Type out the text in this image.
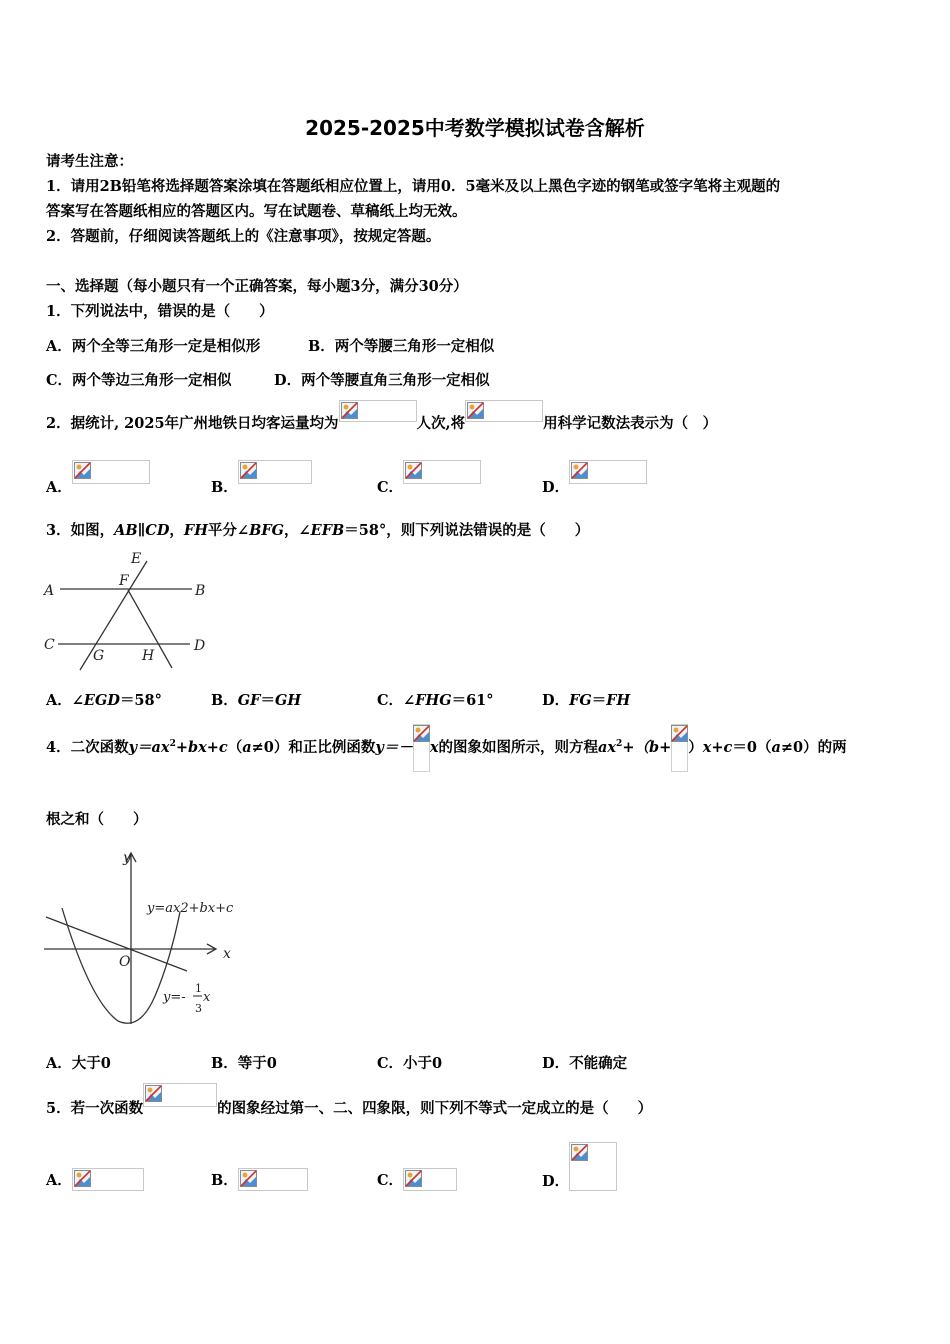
2025-2025中考数学模拟试卷含解析
请考生注意：
1．请用2B铅笔将选择题答案涂填在答题纸相应位置上，请用0．5毫米及以上黑色字迹的钢笔或签字笔将主观题的
答案写在答题纸相应的答题区内。写在试题卷、草稿纸上均无效。
2．答题前，仔细阅读答题纸上的《注意事项》，按规定答题。
一、选择题（每小题只有一个正确答案，每小题3分，满分30分）
1．下列说法中，错误的是（　　）
A．两个全等三角形一定是相似形	B．两个等腰三角形一定相似
C．两个等边三角形一定相似	D．两个等腰直角三角形一定相似
2．据统计, 2025年广州地铁日均客运量均为	人次,将	用科学记数法表示为（　）
A．	B．	C．	D．
3．如图，AB∥CD，FH平分∠BFG，∠EFB＝58°，则下列说法错误的是（　　）
A	B
C	D
E
F
G	H
A．∠EGD＝58°	B．GF＝GH	C．∠FHG＝61°	D．FG＝FH
4．二次函数$y=ax^2+bx+c(a\ne 0)$和正比例函数y＝－ x的图象如图所示，则方程$ax^2+(b+ )x+c=0(a\ne 0)$的两
根之和（　　）
y
x
O
y=ax2+bx+c
y=-
1
3
x
A．大于0	B．等于0	C．小于0	D．不能确定
5．若一次函数	的图象经过第一、二、四象限，则下列不等式一定成立的是（　　）
A．	B．	C．	D．
